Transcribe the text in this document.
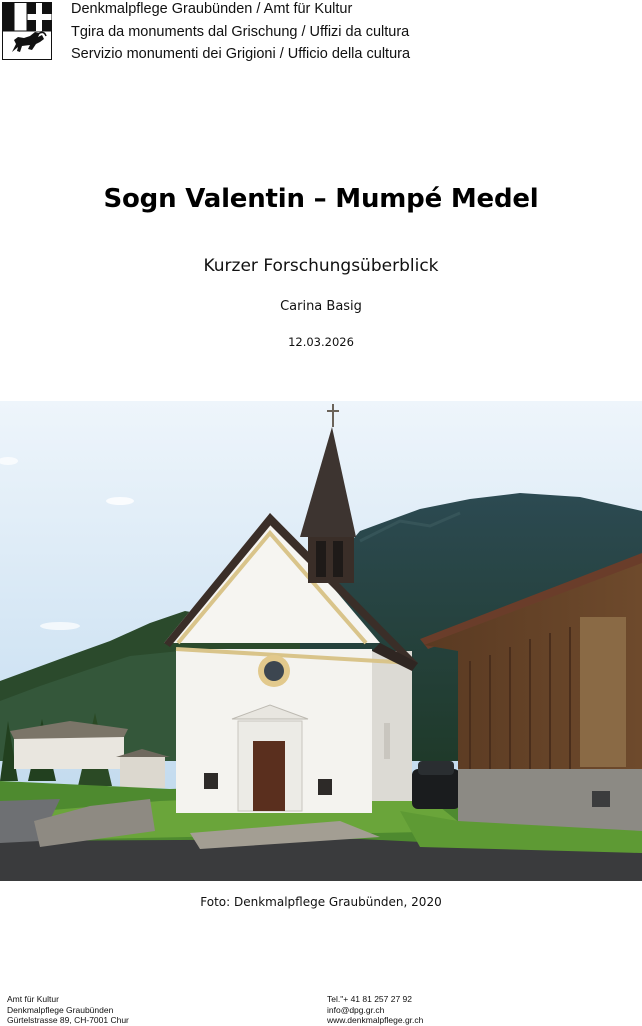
Denkmalpflege Graubünden / Amt für Kultur
Tgira da monuments dal Grischung / Uffizi da cultura
Servizio monumenti dei Grigioni / Ufficio della cultura
Sogn Valentin – Mumpé Medel
Kurzer Forschungsüberblick
Carina Basig
12.03.2026
Foto: Denkmalpflege Graubünden, 2020
Amt für Kultur
Denkmalpflege Graubünden
Gürtelstrasse 89, CH-7001 Chur
Tel."+ 41 81 257 27 92
info@dpg.gr.ch
www.denkmalpflege.gr.ch
